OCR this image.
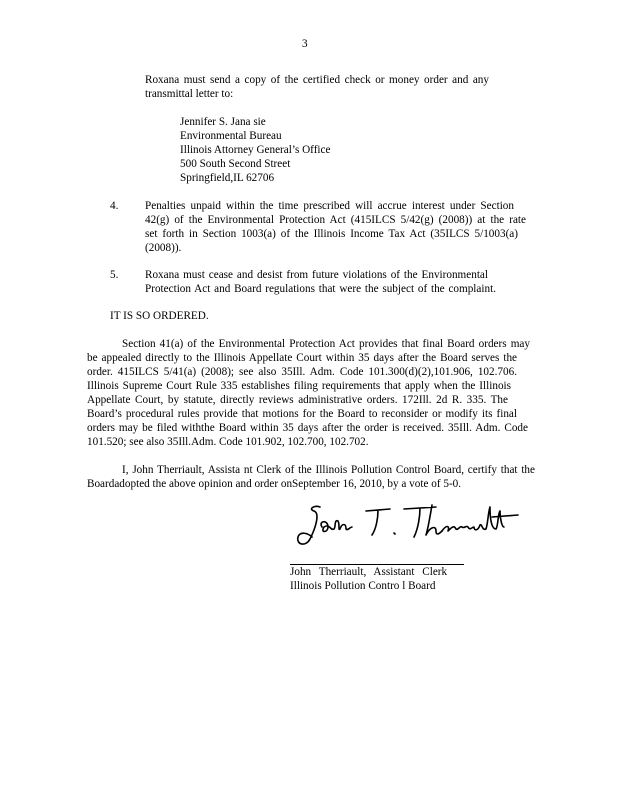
3
Roxana must send a copy of the certified check or money order and any
transmittal letter to:
Jennifer S. Jana sie
Environmental Bureau
Illinois Attorney General’s Office
500 South Second Street
Springfield,IL 62706
4. Penalties unpaid within the time prescribed will accrue interest under Section
42(g) of the Environmental Protection Act (415ILCS 5/42(g) (2008)) at the rate
set forth in Section 1003(a) of the Illinois Income Tax Act (35ILCS 5/1003(a)
(2008)).
5. Roxana must cease and desist from future violations of the Environmental
Protection Act and Board regulations that were the subject of the complaint.
IT IS SO ORDERED.
Section 41(a) of the Environmental Protection Act provides that final Board orders may
be appealed directly to the Illinois Appellate Court within 35 days after the Board serves the
order. 415ILCS 5/41(a) (2008); see also 35Ill. Adm. Code 101.300(d)(2),101.906, 102.706.
Illinois Supreme Court Rule 335 establishes filing requirements that apply when the Illinois
Appellate Court, by statute, directly reviews administrative orders. 172Ill. 2d R. 335. The
Board’s procedural rules provide that motions for the Board to reconsider or modify its final
orders may be filed withthe Board within 35 days after the order is received. 35Ill. Adm. Code
101.520; see also 35Ill.Adm. Code 101.902, 102.700, 102.702.
I, John Therriault, Assista nt Clerk of the Illinois Pollution Control Board, certify that the
Boardadopted the above opinion and order onSeptember 16, 2010, by a vote of 5-0.
John Therriault, Assistant Clerk
Illinois Pollution Contro l Board
